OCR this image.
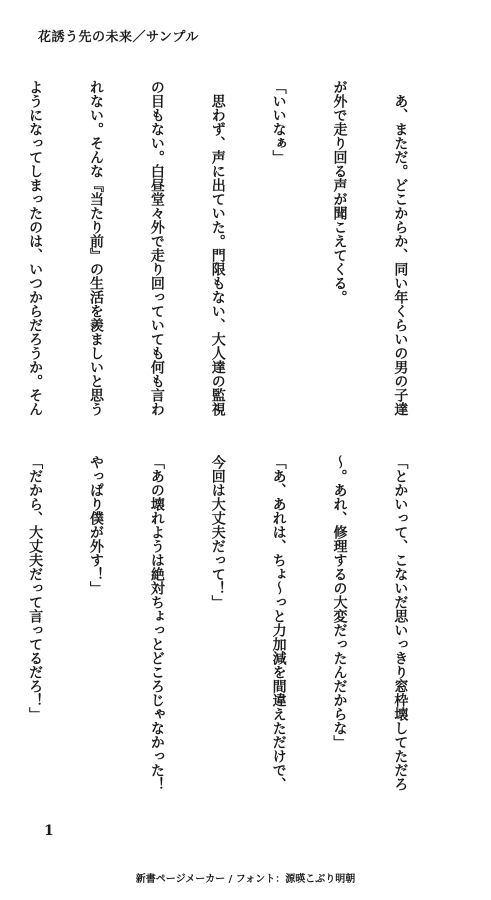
花誘う先の未来／サンプル

　あ、まただ。どこからか、同い年くらいの男の子達

が外で走り回る声が聞こえてくる。

「いいなぁ」

　思わず、声に出ていた。門限もない、大人達の監視

の目もない。白昼堂々外で走り回っていても何も言わ

れない。そんな『当たり前』の生活を羨ましいと思う

ようになってしまったのは、いつからだろうか。そん

「とかいって、こないだ思いっきり窓枠壊してただろ

～。あれ、修理するの大変だったんだからな」

「あ、あれは、ちょ～っと力加減を間違えただけで、

今回は大丈夫だって！」

「あの壊れようは絶対ちょっとどころじゃなかった！

やっぱり僕が外す！」

「だから、大丈夫だって言ってるだろ！」

1
新書ページメーカー / フォント：源暎こぶり明朝
